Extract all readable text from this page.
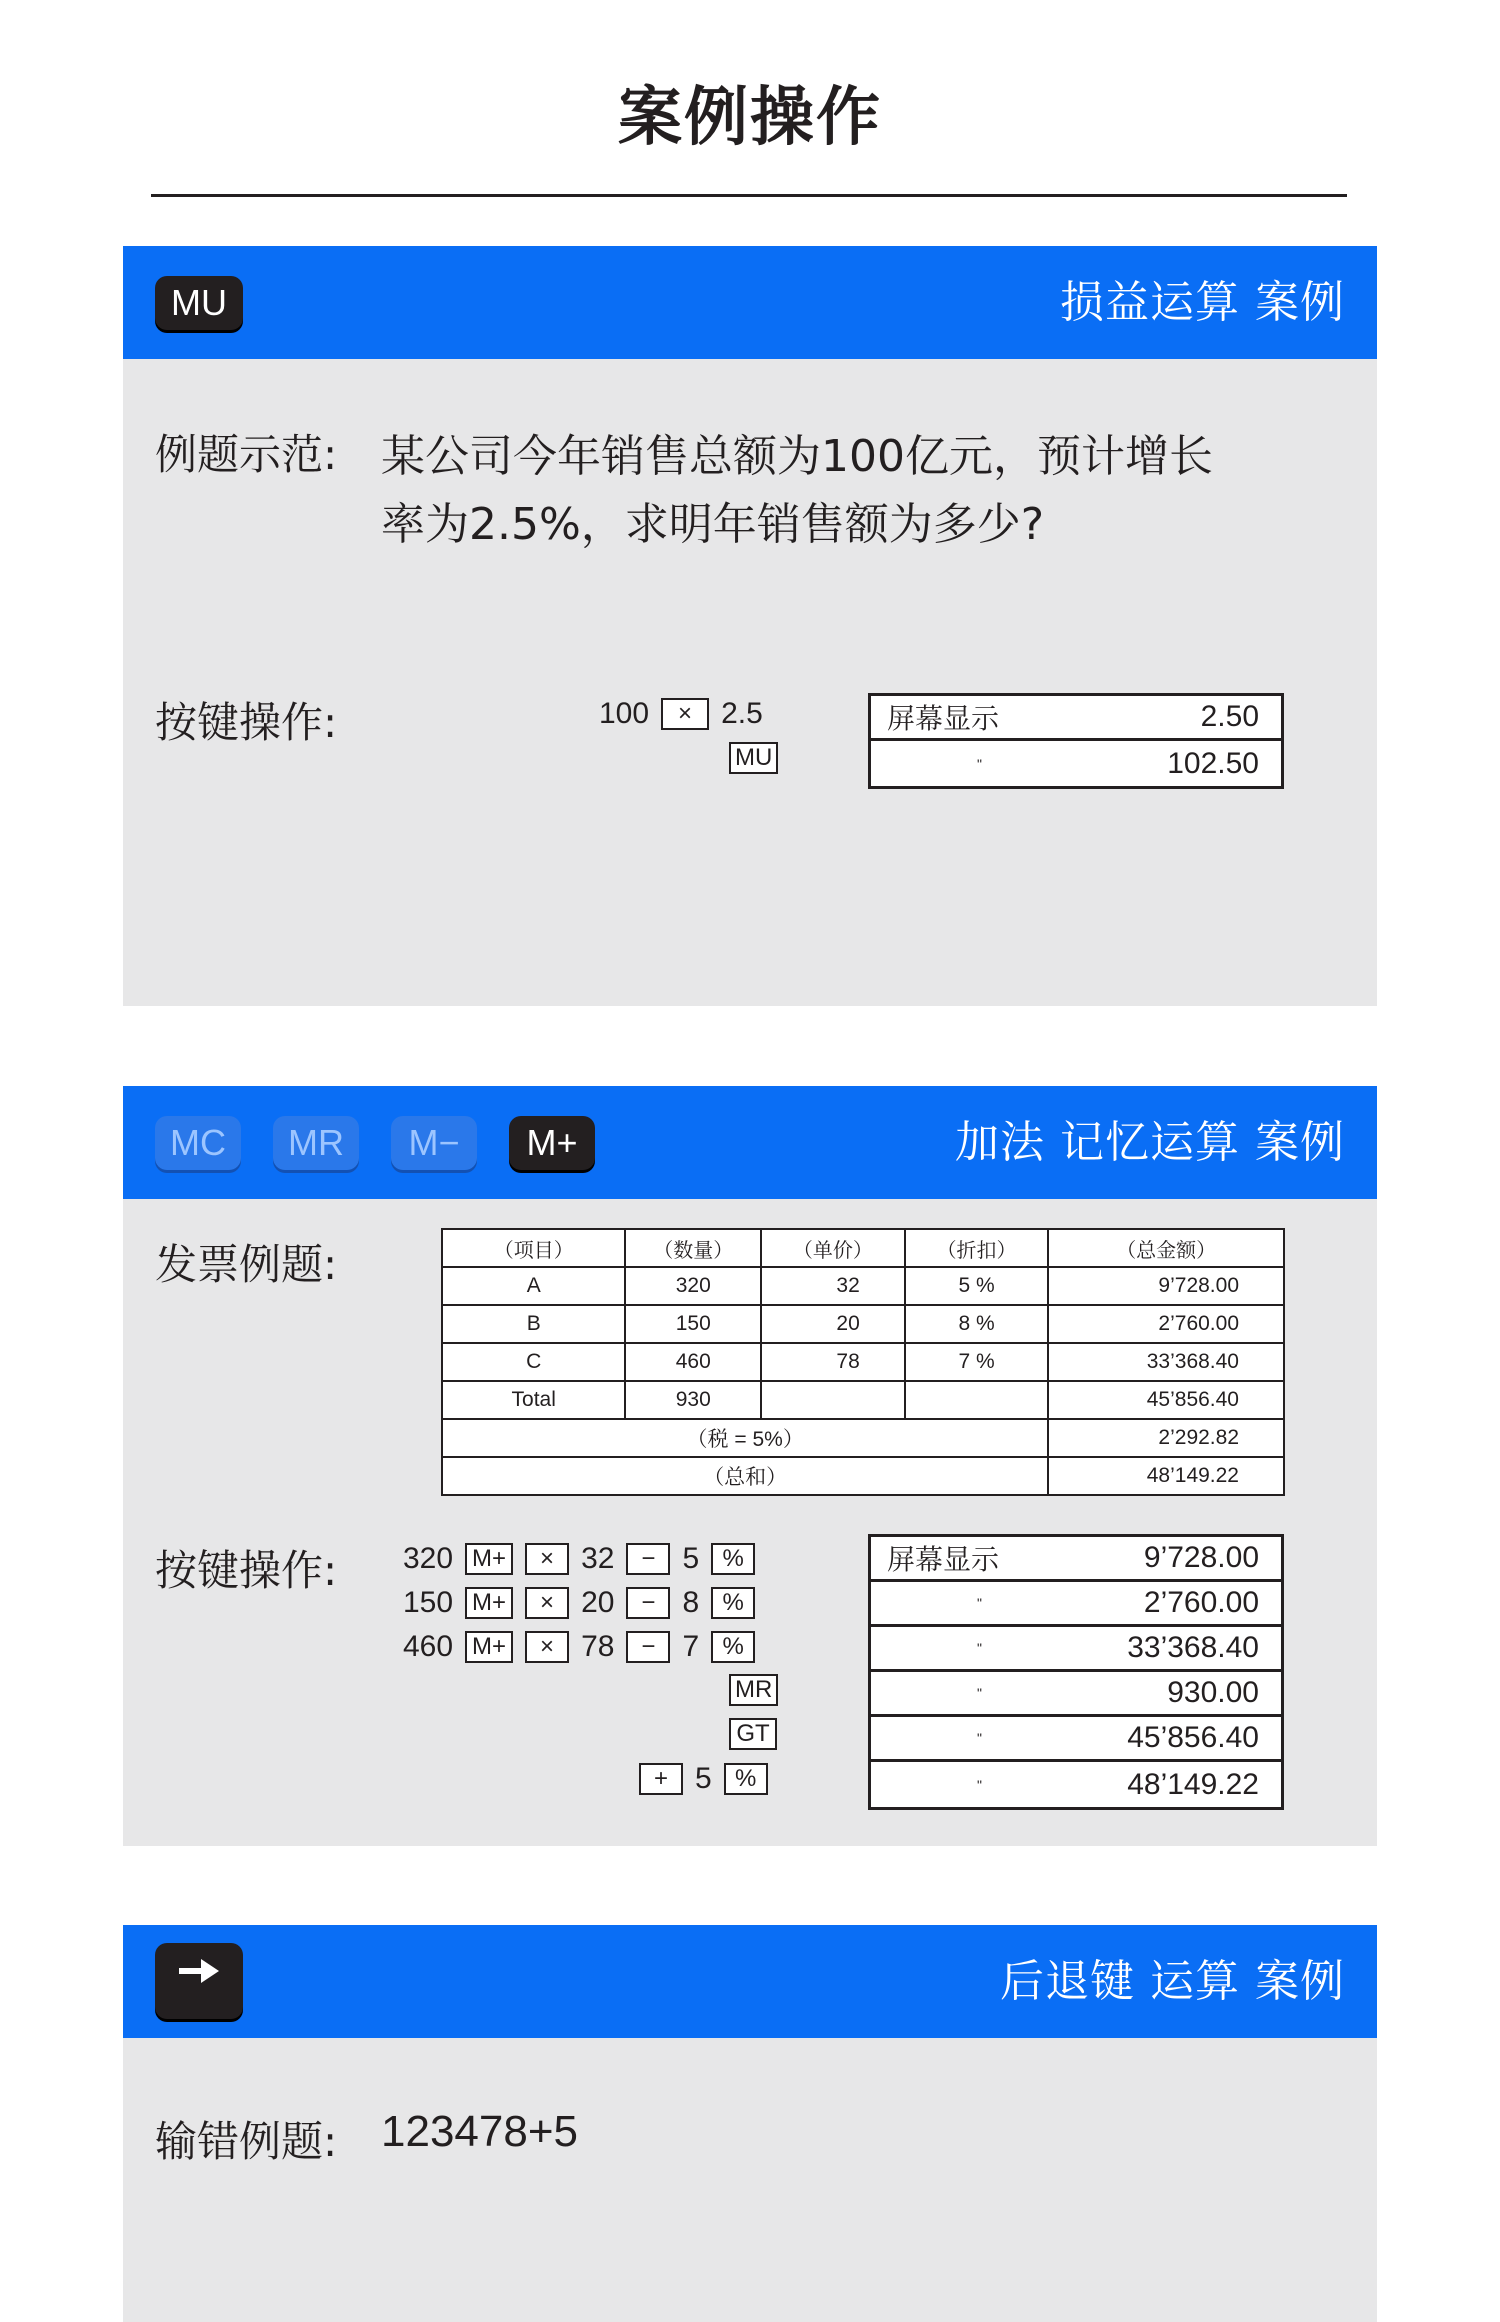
案例操作
MU	损益运算 案例
例题示范: 某公司今年销售总额为100亿元，预计增长
率为2.5%，求明年销售额为多少?
按键操作:	100	× 2.5
MU
屏幕显示	2.50
"	102.50
MC	MR	M−	M+	加法 记忆运算 案例
发票例题:	（项目）	（数量）	（单价）	（折扣）	（总金额）
A	320	32	5 %	9’728.00
B	150	20	8 %	2’760.00
C	460	78	7 %	33’368.40
Total	930			45’856.40
（税 = 5%）				2’292.82
（总和）				48’149.22
按键操作: 320 M+	× 32	− 5 %
150 M+	× 20	− 8 %
460 M+	× 78	− 7 %
MR
GT
+ 5 %
屏幕显示	9’728.00
"	2’760.00
"	33’368.40
"	930.00
"	45’856.40
"	48’149.22
后退键 运算 案例
输错例题: 123478+5
